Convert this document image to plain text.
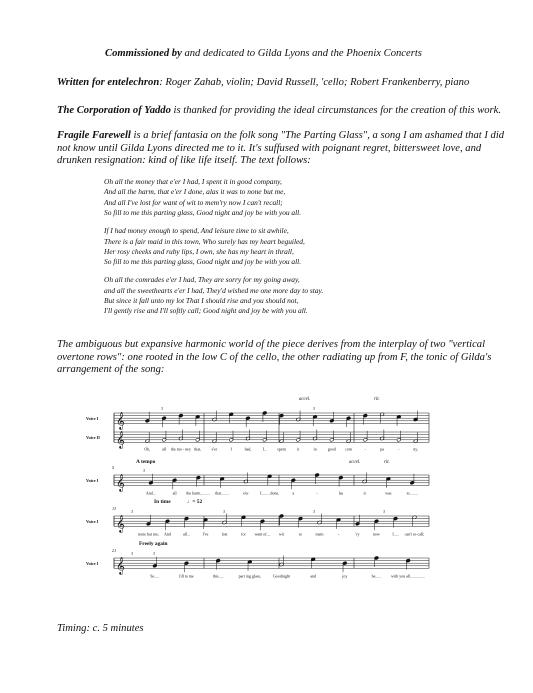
Commissioned by and dedicated to Gilda Lyons and the Phoenix Concerts
Written for entelechron: Roger Zahab, violin; David Russell, 'cello; Robert Frankenberry, piano
The Corporation of Yaddo is thanked for providing the ideal circumstances for the creation of this work.
Fragile Farewell is a brief fantasia on the folk song "The Parting Glass", a song I am ashamed that I did not know until Gilda Lyons directed me to it. It's suffused with poignant regret, bittersweet love, and drunken resignation: kind of like life itself. The text follows:
Oh all the money that e'er I had, I spent it in good company,
And all the harm, that e'er I done, alas it was to none but me,
And all I've lost for want of wit to mem'ry now I can't recall;
So fill to me this parting glass, Good night and joy be with you all.
If I had money enough to spend, And leisure time to sit awhile,
There is a fair maid in this town, Who surely has my heart beguiled,
Her rosy cheeks and ruby lips, I own, she has my heart in thrall,
So fill to me this parting glass, Good night and joy be with you all.
Oh all the comrades e'er I had, They are sorry for my going away,
and all the sweethearts e'er I had, They'd wished me one more day to stay.
But since it fall unto my lot That I should rise and you should not,
I'll gently rise and I'll softly call; Good night and joy be with you all.
The ambiguous but expansive harmonic world of the piece derives from the interplay of two "vertical overtone rows": one rooted in the low C of the cello, the other radiating up from F, the tonic of Gilda's arrangement of the song:
𝄞
𝄞
Voice I
Voice II
accel.	rit.
3	3
Oh,	all the mo - ney that,	e'er	I	had,	I...	spent	it	in	good com	-	pa	-	ny,
𝄞
Voice I
5
A tempo	accel.	rit.
3
And...	all the harm.......... that........	e'er	I.........done,	a	-	las	it	was	to........
𝄞
Voice I
13
In time	♩= 52
3	3	3	3
none but me, And	all...	I've	lost	for want of.... wit	to	mem	-	'ry	now	I..... can't re-call;
𝄞
Voice I
21
Freely again
3	3
So.....	fill to me	this.....	part ing glass,	Goodnight	and	joy	be...... with you all...............
Timing: c. 5 minutes
